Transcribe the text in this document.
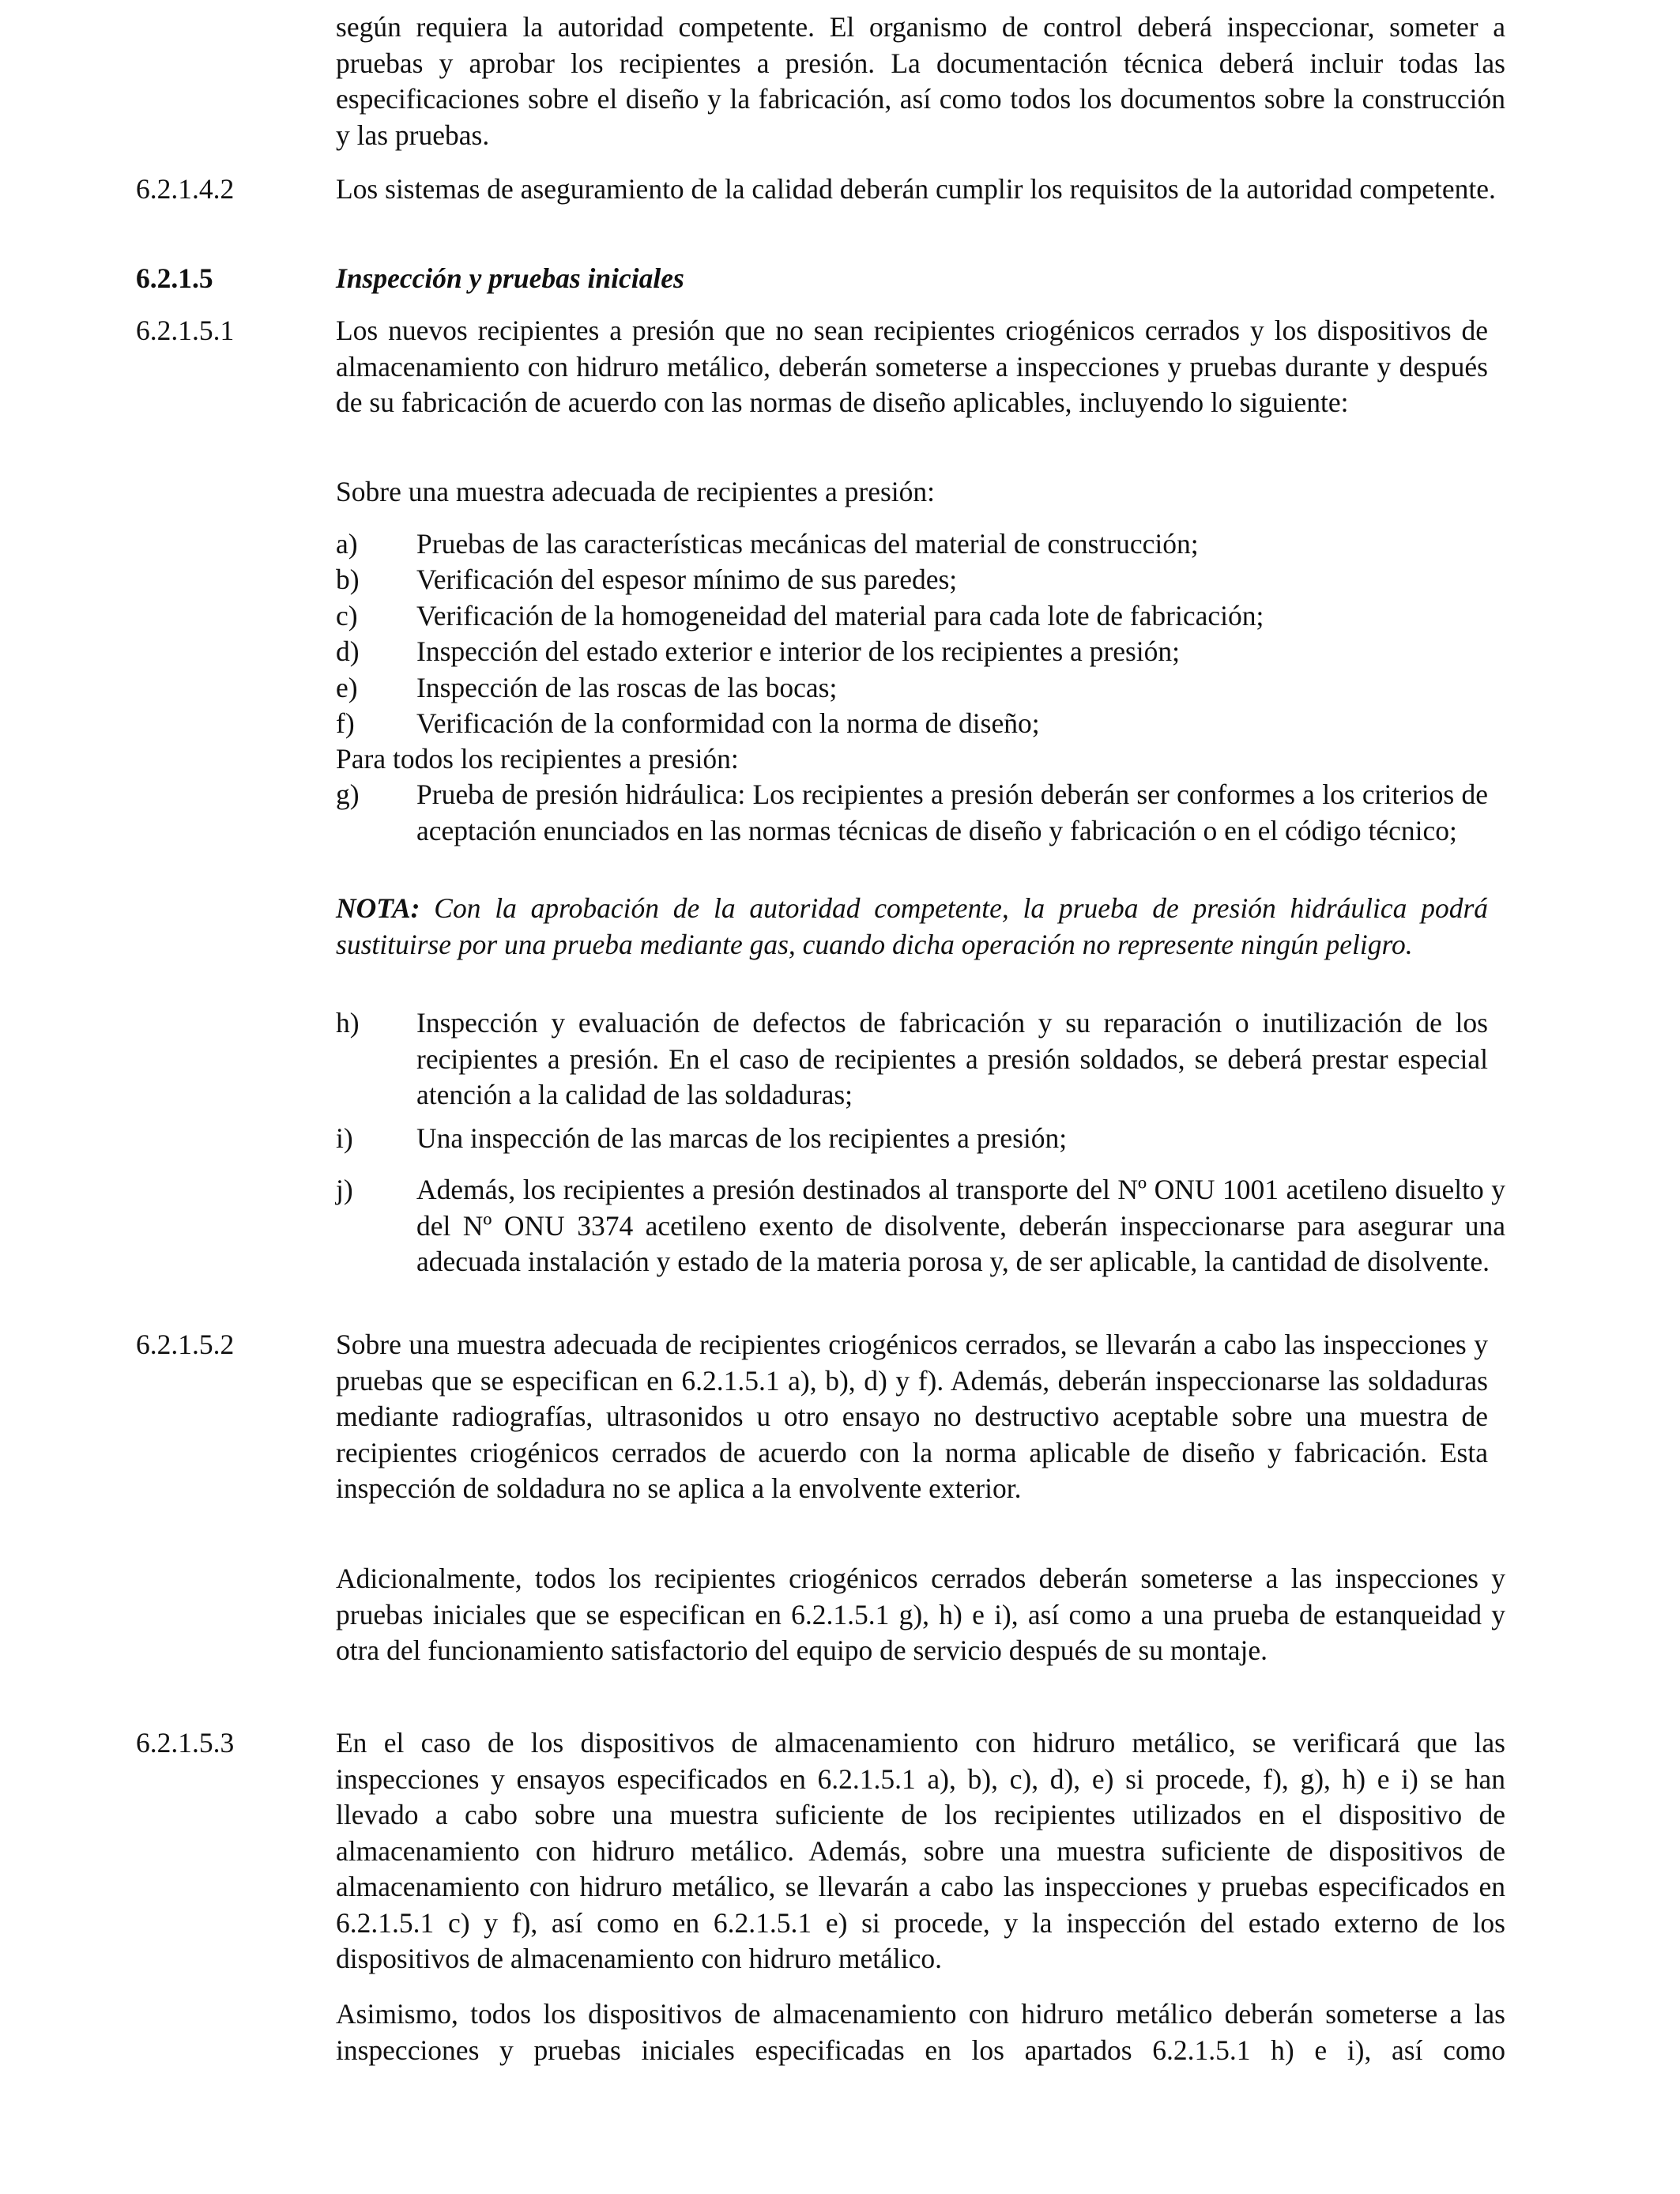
según requiera la autoridad competente. El organismo de control deberá inspeccionar, someter a pruebas y aprobar los recipientes a presión. La documentación técnica deberá incluir todas las especificaciones sobre el diseño y la fabricación, así como todos los documentos sobre la construcción y las pruebas.
6.2.1.4.2	Los sistemas de aseguramiento de la calidad deberán cumplir los requisitos de la autoridad competente.
6.2.1.5	Inspección y pruebas iniciales
6.2.1.5.1	Los nuevos recipientes a presión que no sean recipientes criogénicos cerrados y los dispositivos de almacenamiento con hidruro metálico, deberán someterse a inspecciones y pruebas durante y después de su fabricación de acuerdo con las normas de diseño aplicables, incluyendo lo siguiente:
Sobre una muestra adecuada de recipientes a presión:
a) Pruebas de las características mecánicas del material de construcción;
b) Verificación del espesor mínimo de sus paredes;
c) Verificación de la homogeneidad del material para cada lote de fabricación;
d) Inspección del estado exterior e interior de los recipientes a presión;
e) Inspección de las roscas de las bocas;
f) Verificación de la conformidad con la norma de diseño;
Para todos los recipientes a presión:
g) Prueba de presión hidráulica: Los recipientes a presión deberán ser conformes a los criterios de aceptación enunciados en las normas técnicas de diseño y fabricación o en el código técnico;
NOTA: Con la aprobación de la autoridad competente, la prueba de presión hidráulica podrá sustituirse por una prueba mediante gas, cuando dicha operación no represente ningún peligro.
h) Inspección y evaluación de defectos de fabricación y su reparación o inutilización de los recipientes a presión. En el caso de recipientes a presión soldados, se deberá prestar especial atención a la calidad de las soldaduras;
i) Una inspección de las marcas de los recipientes a presión;
j) Además, los recipientes a presión destinados al transporte del Nº ONU 1001 acetileno disuelto y del Nº ONU 3374 acetileno exento de disolvente, deberán inspeccionarse para asegurar una adecuada instalación y estado de la materia porosa y, de ser aplicable, la cantidad de disolvente.
6.2.1.5.2	Sobre una muestra adecuada de recipientes criogénicos cerrados, se llevarán a cabo las inspecciones y pruebas que se especifican en 6.2.1.5.1 a), b), d) y f). Además, deberán inspeccionarse las soldaduras mediante radiografías, ultrasonidos u otro ensayo no destructivo aceptable sobre una muestra de recipientes criogénicos cerrados de acuerdo con la norma aplicable de diseño y fabricación. Esta inspección de soldadura no se aplica a la envolvente exterior.
Adicionalmente, todos los recipientes criogénicos cerrados deberán someterse a las inspecciones y pruebas iniciales que se especifican en 6.2.1.5.1 g), h) e i), así como a una prueba de estanqueidad y otra del funcionamiento satisfactorio del equipo de servicio después de su montaje.
6.2.1.5.3	En el caso de los dispositivos de almacenamiento con hidruro metálico, se verificará que las inspecciones y ensayos especificados en 6.2.1.5.1 a), b), c), d), e) si procede, f), g), h) e i) se han llevado a cabo sobre una muestra suficiente de los recipientes utilizados en el dispositivo de almacenamiento con hidruro metálico. Además, sobre una muestra suficiente de dispositivos de almacenamiento con hidruro metálico, se llevarán a cabo las inspecciones y pruebas especificados en 6.2.1.5.1 c) y f), así como en 6.2.1.5.1 e) si procede, y la inspección del estado externo de los dispositivos de almacenamiento con hidruro metálico.
Asimismo, todos los dispositivos de almacenamiento con hidruro metálico deberán someterse a las inspecciones y pruebas iniciales especificadas en los apartados 6.2.1.5.1 h) e i), así como
